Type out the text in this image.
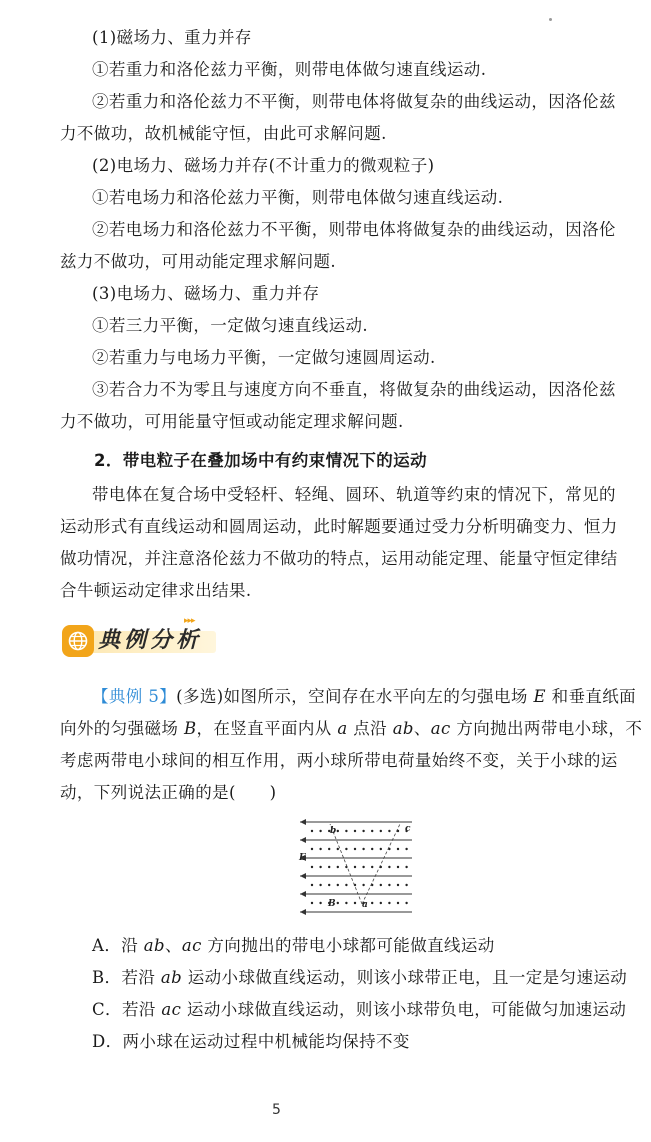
(1)磁场力、重力并存
①若重力和洛伦兹力平衡，则带电体做匀速直线运动.
②若重力和洛伦兹力不平衡，则带电体将做复杂的曲线运动，因洛伦兹
力不做功，故机械能守恒，由此可求解问题.
(2)电场力、磁场力并存(不计重力的微观粒子)
①若电场力和洛伦兹力平衡，则带电体做匀速直线运动.
②若电场力和洛伦兹力不平衡，则带电体将做复杂的曲线运动，因洛伦
兹力不做功，可用动能定理求解问题.
(3)电场力、磁场力、重力并存
①若三力平衡，一定做匀速直线运动.
②若重力与电场力平衡，一定做匀速圆周运动.
③若合力不为零且与速度方向不垂直，将做复杂的曲线运动，因洛伦兹
力不做功，可用能量守恒或动能定理求解问题.
2．带电粒子在叠加场中有约束情况下的运动
带电体在复合场中受轻杆、轻绳、圆环、轨道等约束的情况下，常见的
运动形式有直线运动和圆周运动，此时解题要通过受力分析明确变力、恒力
做功情况，并注意洛伦兹力不做功的特点，运用动能定理、能量守恒定律结
合牛顿运动定律求出结果.
典例分析
▸▸▸
【典例 5】(多选)如图所示，空间存在水平向左的匀强电场 E 和垂直纸面
向外的匀强磁场 B，在竖直平面内从 a 点沿 ab、ac 方向抛出两带电小球，不
考虑两带电小球间的相互作用，两小球所带电荷量始终不变，关于小球的运
动，下列说法正确的是(　　)
b	c
E
B	a
A．沿 ab、ac 方向抛出的带电小球都可能做直线运动
B．若沿 ab 运动小球做直线运动，则该小球带正电，且一定是匀速运动
C．若沿 ac 运动小球做直线运动，则该小球带负电，可能做匀加速运动
D．两小球在运动过程中机械能均保持不变
5
